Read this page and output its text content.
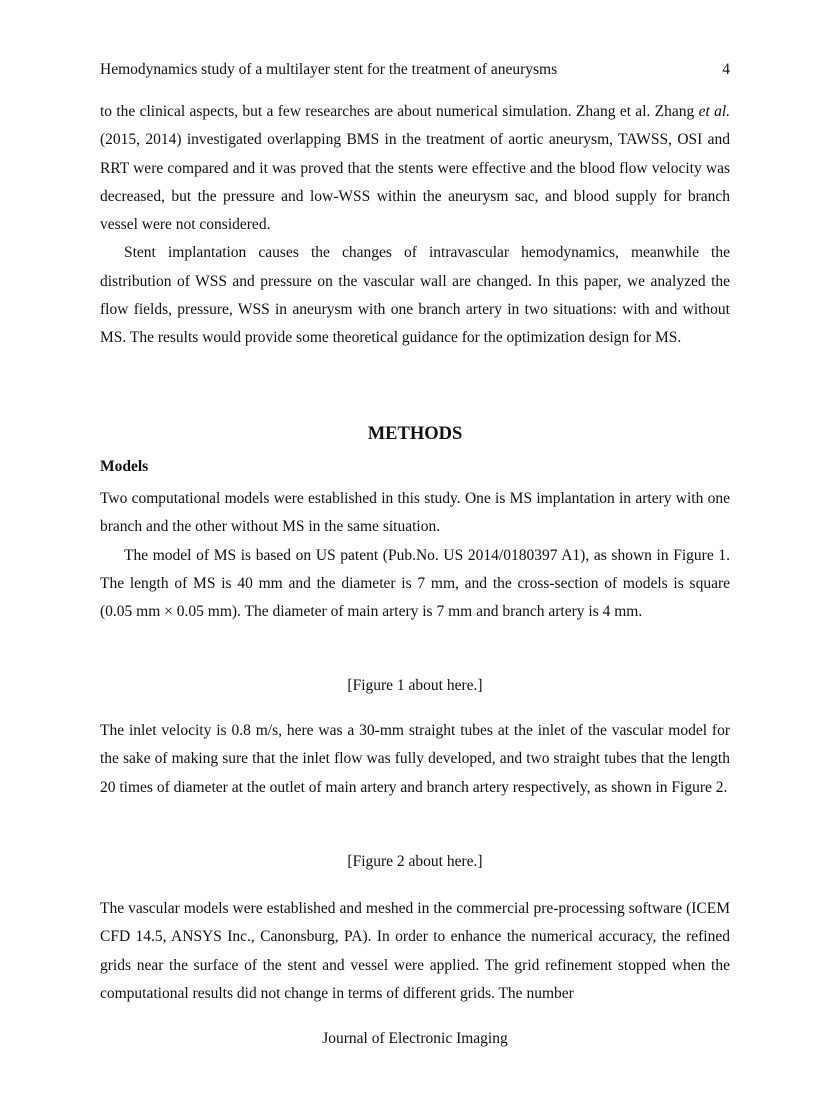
Hemodynamics study of a multilayer stent for the treatment of aneurysms	4

to the clinical aspects, but a few researches are about numerical simulation. Zhang et al. Zhang et al. (2015, 2014) investigated overlapping BMS in the treatment of aortic aneurysm, TAWSS, OSI and RRT were compared and it was proved that the stents were effective and the blood flow velocity was decreased, but the pressure and low-WSS within the aneurysm sac, and blood supply for branch vessel were not considered.

Stent implantation causes the changes of intravascular hemodynamics, meanwhile the distribution of WSS and pressure on the vascular wall are changed. In this paper, we analyzed the flow fields, pressure, WSS in aneurysm with one branch artery in two situations: with and without MS. The results would provide some theoretical guidance for the optimization design for MS.

METHODS
Models

Two computational models were established in this study. One is MS implantation in artery with one branch and the other without MS in the same situation.

The model of MS is based on US patent (Pub.No. US 2014/0180397 A1), as shown in Figure 1. The length of MS is 40 mm and the diameter is 7 mm, and the cross-section of models is square (0.05 mm × 0.05 mm). The diameter of main artery is 7 mm and branch artery is 4 mm.

[Figure 1 about here.]

The inlet velocity is 0.8 m/s, here was a 30-mm straight tubes at the inlet of the vascular model for the sake of making sure that the inlet flow was fully developed, and two straight tubes that the length 20 times of diameter at the outlet of main artery and branch artery respectively, as shown in Figure 2.

[Figure 2 about here.]

The vascular models were established and meshed in the commercial pre-processing software (ICEM CFD 14.5, ANSYS Inc., Canonsburg, PA). In order to enhance the numerical accuracy, the refined grids near the surface of the stent and vessel were applied. The grid refinement stopped when the computational results did not change in terms of different grids. The number

Journal of Electronic Imaging
